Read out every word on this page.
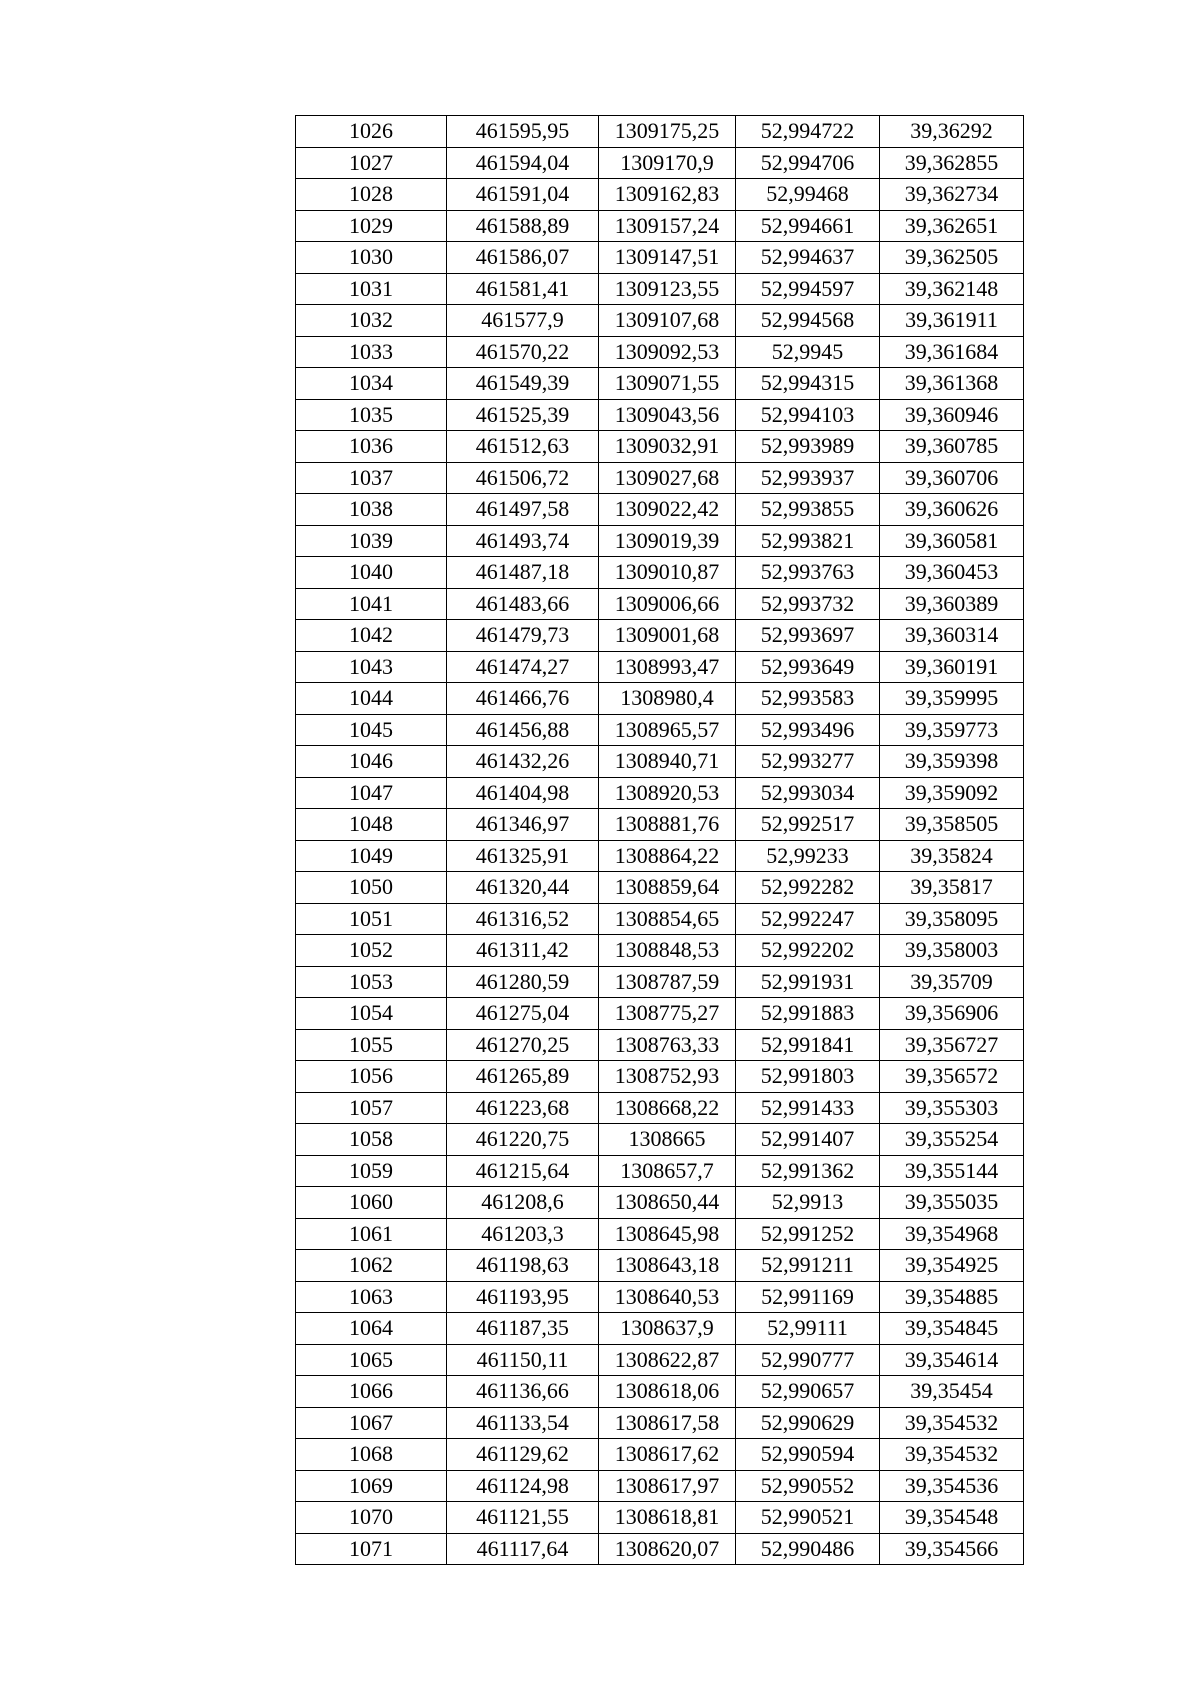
1026	461595,95	1309175,25	52,994722	39,36292
1027	461594,04	1309170,9	52,994706	39,362855
1028	461591,04	1309162,83	52,99468	39,362734
1029	461588,89	1309157,24	52,994661	39,362651
1030	461586,07	1309147,51	52,994637	39,362505
1031	461581,41	1309123,55	52,994597	39,362148
1032	461577,9	1309107,68	52,994568	39,361911
1033	461570,22	1309092,53	52,9945	39,361684
1034	461549,39	1309071,55	52,994315	39,361368
1035	461525,39	1309043,56	52,994103	39,360946
1036	461512,63	1309032,91	52,993989	39,360785
1037	461506,72	1309027,68	52,993937	39,360706
1038	461497,58	1309022,42	52,993855	39,360626
1039	461493,74	1309019,39	52,993821	39,360581
1040	461487,18	1309010,87	52,993763	39,360453
1041	461483,66	1309006,66	52,993732	39,360389
1042	461479,73	1309001,68	52,993697	39,360314
1043	461474,27	1308993,47	52,993649	39,360191
1044	461466,76	1308980,4	52,993583	39,359995
1045	461456,88	1308965,57	52,993496	39,359773
1046	461432,26	1308940,71	52,993277	39,359398
1047	461404,98	1308920,53	52,993034	39,359092
1048	461346,97	1308881,76	52,992517	39,358505
1049	461325,91	1308864,22	52,99233	39,35824
1050	461320,44	1308859,64	52,992282	39,35817
1051	461316,52	1308854,65	52,992247	39,358095
1052	461311,42	1308848,53	52,992202	39,358003
1053	461280,59	1308787,59	52,991931	39,35709
1054	461275,04	1308775,27	52,991883	39,356906
1055	461270,25	1308763,33	52,991841	39,356727
1056	461265,89	1308752,93	52,991803	39,356572
1057	461223,68	1308668,22	52,991433	39,355303
1058	461220,75	1308665	52,991407	39,355254
1059	461215,64	1308657,7	52,991362	39,355144
1060	461208,6	1308650,44	52,9913	39,355035
1061	461203,3	1308645,98	52,991252	39,354968
1062	461198,63	1308643,18	52,991211	39,354925
1063	461193,95	1308640,53	52,991169	39,354885
1064	461187,35	1308637,9	52,99111	39,354845
1065	461150,11	1308622,87	52,990777	39,354614
1066	461136,66	1308618,06	52,990657	39,35454
1067	461133,54	1308617,58	52,990629	39,354532
1068	461129,62	1308617,62	52,990594	39,354532
1069	461124,98	1308617,97	52,990552	39,354536
1070	461121,55	1308618,81	52,990521	39,354548
1071	461117,64	1308620,07	52,990486	39,354566
